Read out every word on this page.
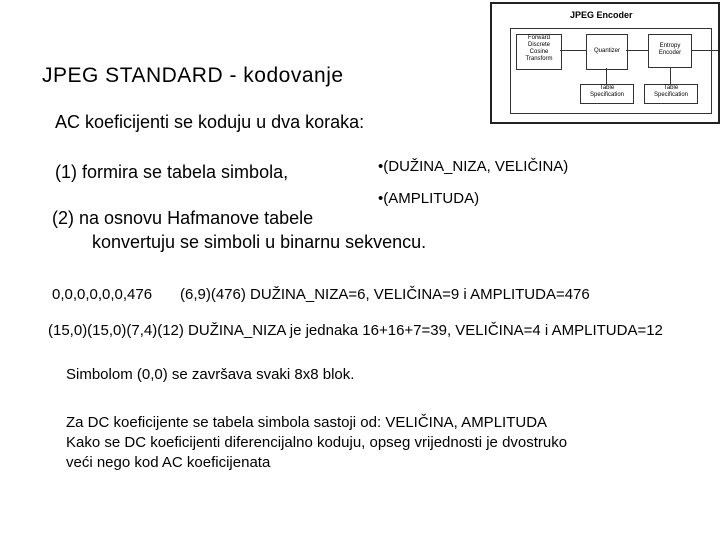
JPEG STANDARD - kodovanje
AC koeficijenti se koduju u dva koraka:
(1) formira se tabela simbola,	•(DUŽINA_NIZA, VELIČINA)
•(AMPLITUDA)
(2) na osnovu Hafmanove tabele
konvertuju se simboli u binarnu sekvencu.
0,0,0,0,0,0,476 (6,9)(476) DUŽINA_NIZA=6, VELIČINA=9 i AMPLITUDA=476
(15,0)(15,0)(7,4)(12) DUŽINA_NIZA je jednaka 16+16+7=39, VELIČINA=4 i AMPLITUDA=12
Simbolom (0,0) se završava svaki 8x8 blok.
Za DC koeficijente se tabela simbola sastoji od: VELIČINA, AMPLITUDA
Kako se DC koeficijenti diferencijalno koduju, opseg vrijednosti je dvostruko
veći nego kod AC koeficijenata
JPEG Encoder
Forward
Discrete
Cosine
Transform
Quantizer
Entropy
Encoder
Table
Specification
Table
Specification
